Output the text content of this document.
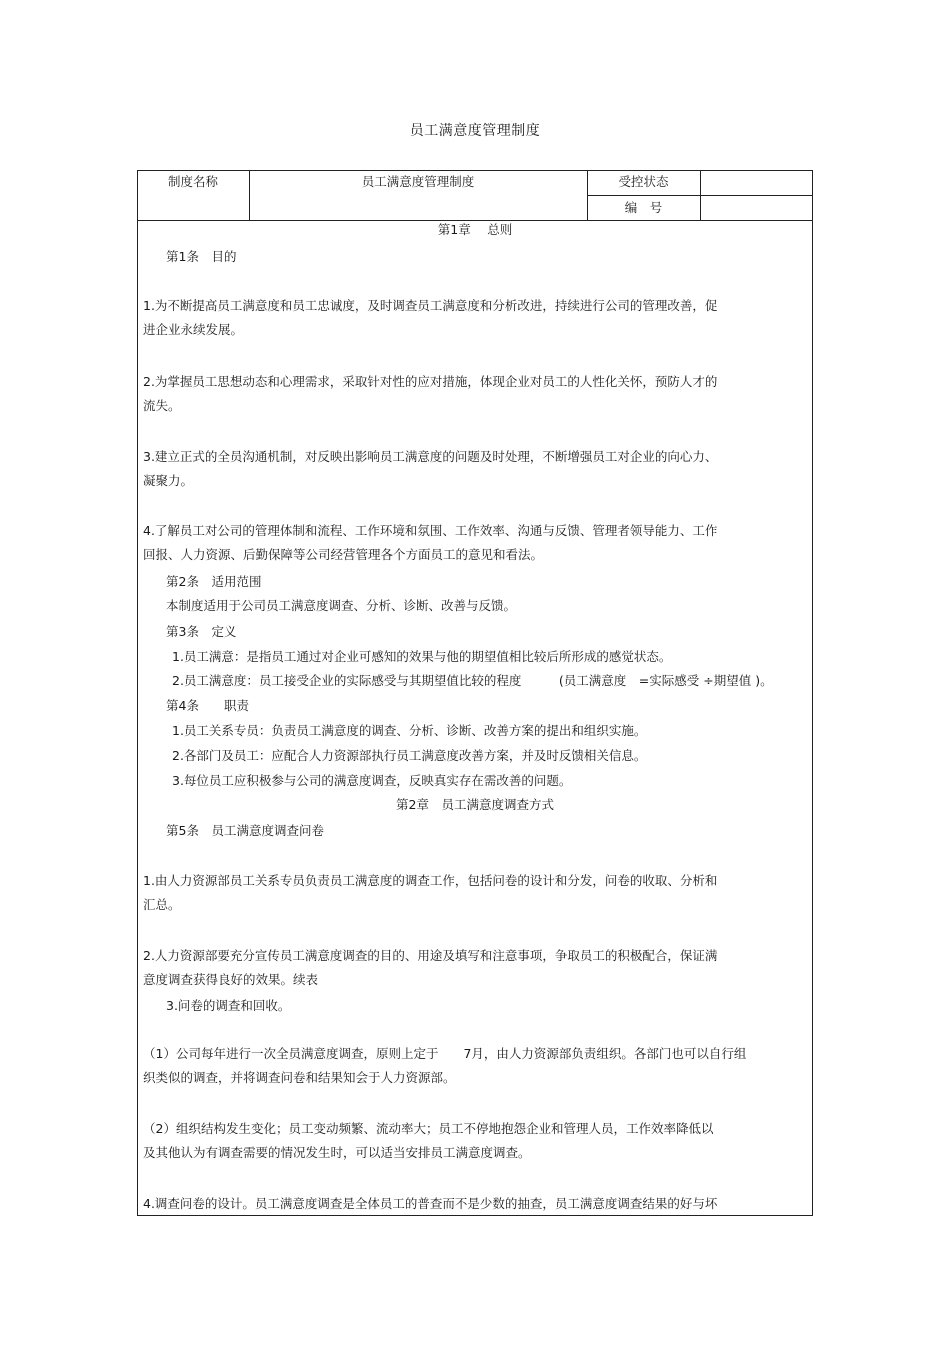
员工满意度管理制度
制度名称	员工满意度管理制度	受控状态
编　号
第1章　 总则
第1条　目的
1.为不断提高员工满意度和员工忠诚度，及时调查员工满意度和分析改进，持续进行公司的管理改善，促
进企业永续发展。
2.为掌握员工思想动态和心理需求，采取针对性的应对措施，体现企业对员工的人性化关怀，预防人才的
流失。
3.建立正式的全员沟通机制，对反映出影响员工满意度的问题及时处理，不断增强员工对企业的向心力、
凝聚力。
4.了解员工对公司的管理体制和流程、工作环境和氛围、工作效率、沟通与反馈、管理者领导能力、工作
回报、人力资源、后勤保障等公司经营管理各个方面员工的意见和看法。
第2条　适用范围
本制度适用于公司员工满意度调查、分析、诊断、改善与反馈。
第3条　定义
1.员工满意：是指员工通过对企业可感知的效果与他的期望值相比较后所形成的感觉状态。
2.员工满意度：员工接受企业的实际感受与其期望值比较的程度　　　(员工满意度　=实际感受 ÷期望值 )。
第4条　　职责
1.员工关系专员：负责员工满意度的调查、分析、诊断、改善方案的提出和组织实施。
2.各部门及员工：应配合人力资源部执行员工满意度改善方案，并及时反馈相关信息。
3.每位员工应积极参与公司的满意度调查，反映真实存在需改善的问题。
第2章　员工满意度调查方式
第5条　员工满意度调查问卷
1.由人力资源部员工关系专员负责员工满意度的调查工作，包括问卷的设计和分发，问卷的收取、分析和
汇总。
2.人力资源部要充分宣传员工满意度调查的目的、用途及填写和注意事项，争取员工的积极配合，保证满
意度调查获得良好的效果。续表
3.问卷的调查和回收。
（1）公司每年进行一次全员满意度调查，原则上定于　　7月，由人力资源部负责组织。各部门也可以自行组
织类似的调查，并将调查问卷和结果知会于人力资源部。
（2）组织结构发生变化；员工变动频繁、流动率大；员工不停地抱怨企业和管理人员，工作效率降低以
及其他认为有调查需要的情况发生时，可以适当安排员工满意度调查。
4.调查问卷的设计。员工满意度调查是全体员工的普查而不是少数的抽查，员工满意度调查结果的好与坏
